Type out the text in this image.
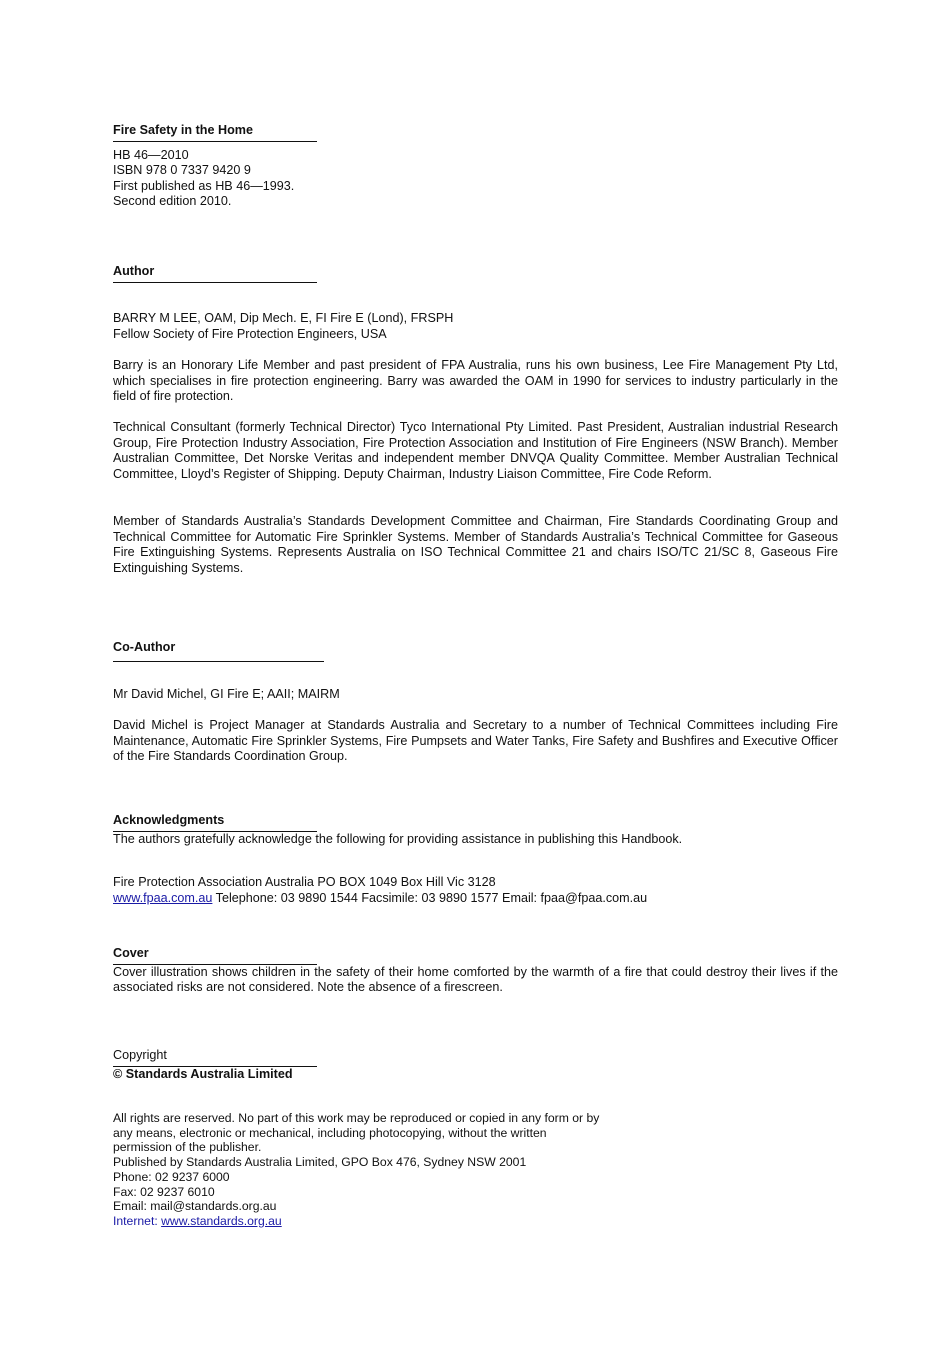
Fire Safety in the Home
HB 46—2010
ISBN 978 0 7337 9420 9
First published as HB 46—1993.
Second edition 2010.
Author
BARRY M LEE, OAM, Dip Mech. E, FI Fire E (Lond), FRSPH
Fellow Society of Fire Protection Engineers, USA

Barry is an Honorary Life Member and past president of FPA Australia, runs his own business, Lee Fire Management Pty Ltd, which specialises in fire protection engineering. Barry was awarded the OAM in 1990 for services to industry particularly in the field of fire protection.

Technical Consultant (formerly Technical Director) Tyco International Pty Limited. Past President, Australian industrial Research Group, Fire Protection Industry Association, Fire Protection Association and Institution of Fire Engineers (NSW Branch). Member Australian Committee, Det Norske Veritas and independent member DNVQA Quality Committee. Member Australian Technical Committee, Lloyd’s Register of Shipping. Deputy Chairman, Industry Liaison Committee, Fire Code Reform.

Member of Standards Australia’s Standards Development Committee and Chairman, Fire Standards Coordinating Group and Technical Committee for Automatic Fire Sprinkler Systems. Member of Standards Australia’s Technical Committee for Gaseous Fire Extinguishing Systems. Represents Australia on ISO Technical Committee 21 and chairs ISO/TC 21/SC 8, Gaseous Fire Extinguishing Systems.

Co-Author
Mr David Michel, GI Fire E; AAII; MAIRM

David Michel is Project Manager at Standards Australia and Secretary to a number of Technical Committees including Fire Maintenance, Automatic Fire Sprinkler Systems, Fire Pumpsets and Water Tanks, Fire Safety and Bushfires and Executive Officer of the Fire Standards Coordination Group.

Acknowledgments

The authors gratefully acknowledge the following for providing assistance in publishing this Handbook.

Fire Protection Association Australia PO BOX 1049 Box Hill Vic 3128
www.fpaa.com.au Telephone: 03 9890 1544 Facsimile: 03 9890 1577 Email: fpaa@fpaa.com.au
Cover

Cover illustration shows children in the safety of their home comforted by the warmth of a fire that could destroy their lives if the associated risks are not considered. Note the absence of a firescreen.

Copyright
© Standards Australia Limited
All rights are reserved. No part of this work may be reproduced or copied in any form or by
any means, electronic or mechanical, including photocopying, without the written
permission of the publisher.
Published by Standards Australia Limited, GPO Box 476, Sydney NSW 2001
Phone: 02 9237 6000
Fax: 02 9237 6010
Email: mail@standards.org.au
Internet: www.standards.org.au
